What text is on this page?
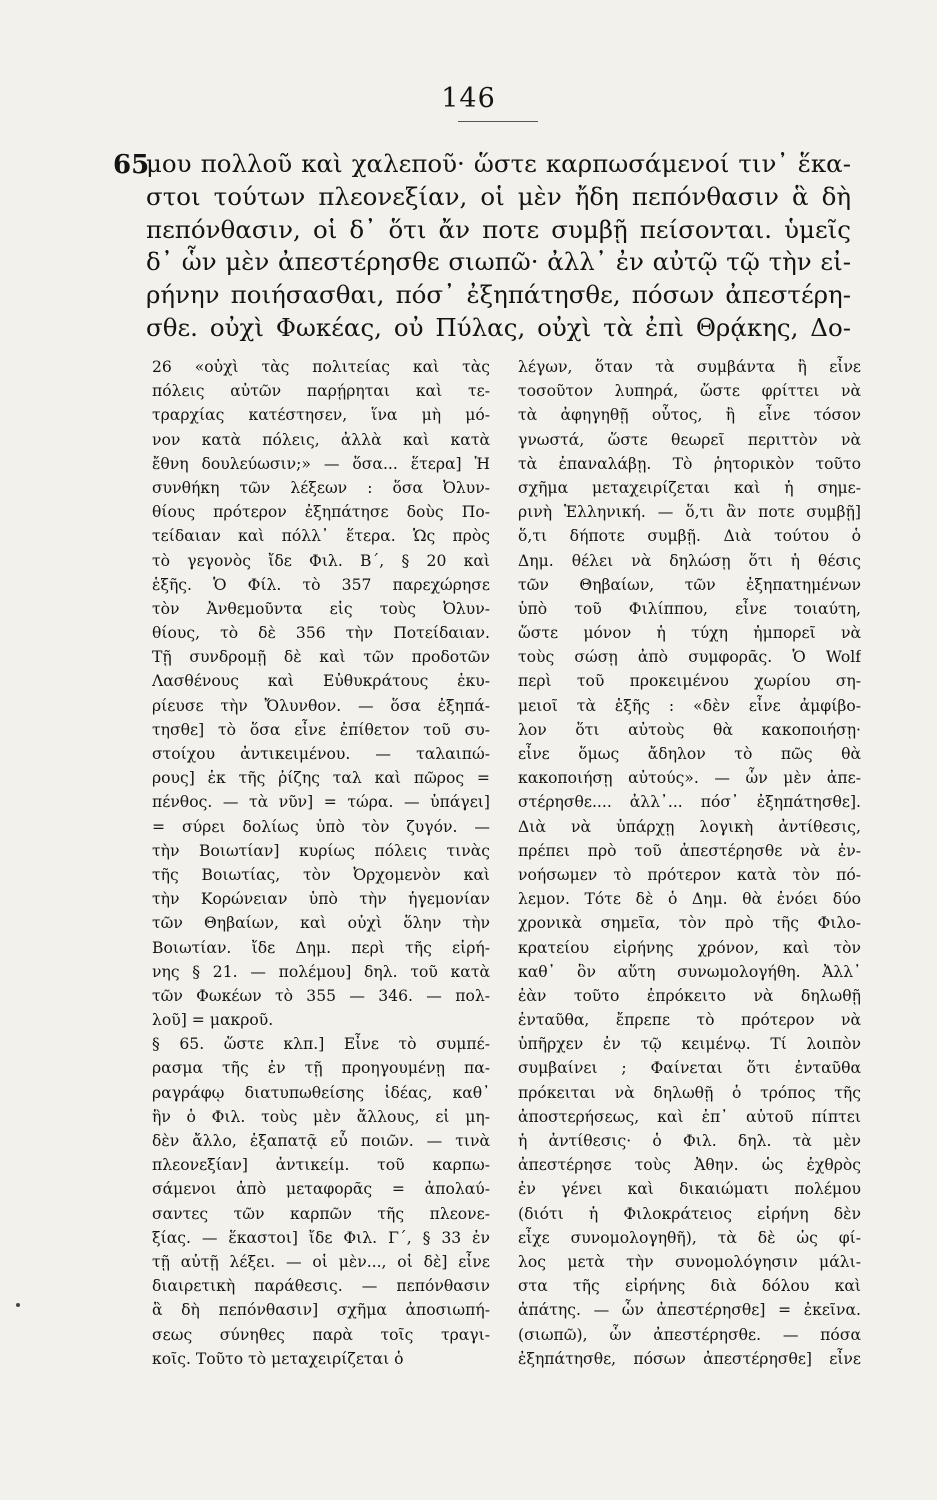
146
65
μου πολλοῦ καὶ χαλεποῦ· ὥστε καρπωσάμενοί τιν᾿ ἕκα-
στοι τούτων πλεονεξίαν, οἱ μὲν ἤδη πεπόνθασιν ἃ δὴ
πεπόνθασιν, οἱ δ᾿ ὅτι ἄν ποτε συμβῇ πείσονται. ὑμεῖς
δ᾿ ὧν μὲν ἀπεστέρησθε σιωπῶ· ἀλλ᾿ ἐν αὐτῷ τῷ τὴν εἰ-
ρήνην ποιήσασθαι, πόσ᾿ ἐξηπάτησθε, πόσων ἀπεστέρη-
σθε. οὐχὶ Φωκέας, οὐ Πύλας, οὐχὶ τὰ ἐπὶ Θρᾴκης, Δο-
26 «οὐχὶ τὰς πολιτείας καὶ τὰς
πόλεις αὐτῶν παρῄρηται καὶ τε-
τραρχίας κατέστησεν, ἵνα μὴ μό-
νον κατὰ πόλεις, ἀλλὰ καὶ κατὰ
ἔθνη δουλεύωσιν;» — ὅσα... ἕτερα] Ἡ
συνθήκη τῶν λέξεων : ὅσα Ὀλυν-
θίους πρότερον ἐξηπάτησε δοὺς Πο-
τείδαιαν καὶ πόλλ᾿ ἕτερα. Ὡς πρὸς
τὸ γεγονὸς ἴδε Φιλ. Β´, § 20 καὶ
ἑξῆς. Ὁ Φίλ. τὸ 357 παρεχώρησε
τὸν Ἀνθεμοῦντα εἰς τοὺς Ὀλυν-
θίους, τὸ δὲ 356 τὴν Ποτείδαιαν.
Τῇ συνδρομῇ δὲ καὶ τῶν προδοτῶν
Λασθένους καὶ Εὐθυκράτους ἐκυ-
ρίευσε τὴν Ὄλυνθον. — ὅσα ἐξηπά-
τησθε] τὸ ὅσα εἶνε ἐπίθετον τοῦ συ-
στοίχου ἀντικειμένου. — ταλαιπώ-
ρους] ἐκ τῆς ῥίζης ταλ καὶ πῶρος =
πένθος. — τὰ νῦν] = τώρα. — ὑπάγει]
= σύρει δολίως ὑπὸ τὸν ζυγόν. —
τὴν Βοιωτίαν] κυρίως πόλεις τινὰς
τῆς Βοιωτίας, τὸν Ὀρχομενὸν καὶ
τὴν Κορώνειαν ὑπὸ τὴν ἡγεμονίαν
τῶν Θηβαίων, καὶ οὐχὶ ὅλην τὴν
Βοιωτίαν. ἴδε Δημ. περὶ τῆς εἰρή-
νης § 21. — πολέμου] δηλ. τοῦ κατὰ
τῶν Φωκέων τὸ 355 — 346. — πολ-
λοῦ] = μακροῦ.
§ 65. ὥστε κλπ.] Εἶνε τὸ συμπέ-
ρασμα τῆς ἐν τῇ προηγουμένῃ πα-
ραγράφῳ διατυπωθείσης ἰδέας, καθ᾿
ἣν ὁ Φιλ. τοὺς μὲν ἄλλους, εἰ μη-
δὲν ἄλλο, ἐξαπατᾷ εὖ ποιῶν. — τινὰ
πλεονεξίαν] ἀντικείμ. τοῦ καρπω-
σάμενοι ἀπὸ μεταφορᾶς = ἀπολαύ-
σαντες τῶν καρπῶν τῆς πλεονε-
ξίας. — ἕκαστοι] ἴδε Φιλ. Γ´, § 33 ἐν
τῇ αὐτῇ λέξει. — οἱ μὲν..., οἱ δὲ] εἶνε
διαιρετικὴ παράθεσις. — πεπόνθασιν
ἃ δὴ πεπόνθασιν] σχῆμα ἀποσιωπή-
σεως σύνηθες παρὰ τοῖς τραγι-
κοῖς. Τοῦτο τὸ μεταχειρίζεται ὁ
λέγων, ὅταν τὰ συμβάντα ἢ εἶνε
τοσοῦτον λυπηρά, ὥστε φρίττει νὰ
τὰ ἀφηγηθῇ οὗτος, ἢ εἶνε τόσον
γνωστά, ὥστε θεωρεῖ περιττὸν νὰ
τὰ ἐπαναλάβῃ. Τὸ ῥητορικὸν τοῦτο
σχῆμα μεταχειρίζεται καὶ ἡ σημε-
ρινὴ Ἑλληνική. — ὅ,τι ἂν ποτε συμβῇ]
ὅ,τι δήποτε συμβῇ. Διὰ τούτου ὁ
Δημ. θέλει νὰ δηλώσῃ ὅτι ἡ θέσις
τῶν Θηβαίων, τῶν ἐξηπατημένων
ὑπὸ τοῦ Φιλίππου, εἶνε τοιαύτη,
ὥστε μόνον ἡ τύχη ἠμπορεῖ νὰ
τοὺς σώσῃ ἀπὸ συμφορᾶς. Ὁ Wolf
περὶ τοῦ προκειμένου χωρίου ση-
μειοῖ τὰ ἑξῆς : «δὲν εἶνε ἀμφίβο-
λον ὅτι αὐτοὺς θὰ κακοποιήσῃ·
εἶνε ὅμως ἄδηλον τὸ πῶς θὰ
κακοποιήσῃ αὐτούς». — ὧν μὲν ἀπε-
στέρησθε.... ἀλλ᾿... πόσ᾿ ἐξηπάτησθε].
Διὰ νὰ ὑπάρχῃ λογικὴ ἀντίθεσις,
πρέπει πρὸ τοῦ ἀπεστέρησθε νὰ ἐν-
νοήσωμεν τὸ πρότερον κατὰ τὸν πό-
λεμον. Τότε δὲ ὁ Δημ. θὰ ἐνόει δύο
χρονικὰ σημεῖα, τὸν πρὸ τῆς Φιλο-
κρατείου εἰρήνης χρόνον, καὶ τὸν
καθ᾿ ὃν αὕτη συνωμολογήθη. Ἀλλ᾿
ἐὰν τοῦτο ἐπρόκειτο νὰ δηλωθῇ
ἐνταῦθα, ἔπρεπε τὸ πρότερον νὰ
ὑπῆρχεν ἐν τῷ κειμένῳ. Τί λοιπὸν
συμβαίνει ; Φαίνεται ὅτι ἐνταῦθα
πρόκειται νὰ δηλωθῇ ὁ τρόπος τῆς
ἀποστερήσεως, καὶ ἐπ᾿ αὐτοῦ πίπτει
ἡ ἀντίθεσις· ὁ Φιλ. δηλ. τὰ μὲν
ἀπεστέρησε τοὺς Ἀθην. ὡς ἐχθρὸς
ἐν γένει καὶ δικαιώματι πολέμου
(διότι ἡ Φιλοκράτειος εἰρήνη δὲν
εἶχε συνομολογηθῆ), τὰ δὲ ὡς φί-
λος μετὰ τὴν συνομολόγησιν μάλι-
στα τῆς εἰρήνης διὰ δόλου καὶ
ἀπάτης. — ὧν ἀπεστέρησθε] = ἐκεῖνα.
(σιωπῶ), ὧν ἀπεστέρησθε. — πόσα
ἐξηπάτησθε, πόσων ἀπεστέρησθε] εἶνε
